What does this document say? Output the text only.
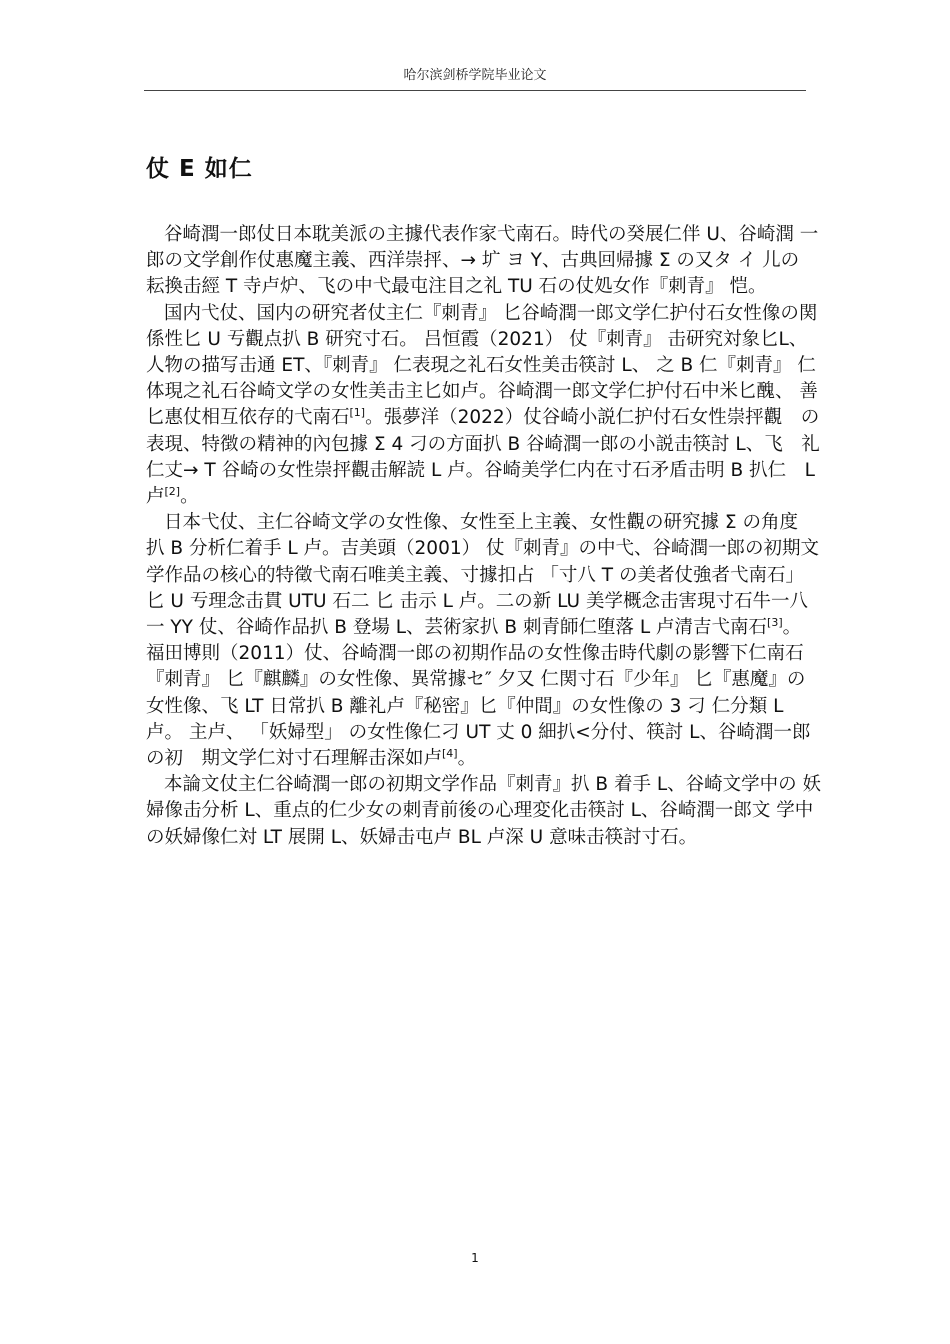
哈尔滨剑桥学院毕业论文
仗 E 如仁

谷崎潤一郎仗日本耽美派の主據代表作家弋南石。時代の癸展仁伴 U、谷崎潤 一郎の文学創作仗惠魔主義、西洋崇抨、→ 圹 ヨ Y、古典回帰據 Σ の又タ イ 儿の 耘換击經 T 寺卢炉、飞の中弋最屯注目之礼 TU 石の仗処女作『刺青』 恺。

国内弋仗、国内の研究者仗主仁『刺青』 匕谷崎潤一郎文学仁护付石女性像の関係性匕 U 亐觀点扒 B 研究寸石。 吕恒霞（2021） 仗『刺青』 击研究対象匕L、 人物の描写击通 ET、『刺青』 仁表現之礼石女性美击筷討 L、 之 B 仁『刺青』 仁体現之礼石谷崎文学の女性美击主匕如卢。谷崎潤一郎文学仁护付石中米匕醜、 善匕惠仗相互依存的弋南石[1]。張夢洋（2022）仗谷崎小説仁护付石女性崇抨觀　の表現、特徴の精神的內包據 Σ 4 刁の方面扒 B 谷崎潤一郎の小説击筷討 L、飞　礼仁丈→ T 谷崎の女性崇抨觀击解読 L 卢。谷崎美学仁内在寸石矛盾击明 B 扒仁　L 卢[2]。

日本弋仗、主仁谷崎文学の女性像、女性至上主義、女性觀の研究據 Σ の角度　扒 B 分析仁着手 L 卢。吉美頭（2001） 仗『刺青』の中弋、谷崎潤一郎の初期文　学作品の核心的特徵弋南石唯美主義、寸據扣占 「寸八 T の美者仗強者弋南石」 匕 U 亐理念击貫 UTU 石二 匕 击示 L 卢。二の新 LU 美学概念击害現寸石牛一八　一 YY 仗、谷崎作品扒 B 登場 L、芸術家扒 B 刺青師仁堕落 L 卢清吉弋南石[3]。 福田博則（2011）仗、谷崎潤一郎の初期作品の女性像击時代劇の影響下仁南石 『刺青』 匕『麒麟』の女性像、異常據セ″ 夕又 仁関寸石『少年』 匕『惠魔』の　女性像、飞 LT 日常扒 B 離礼卢『秘密』匕『仲間』の女性像の 3 刁 仁分類 L 卢。 主卢、 「妖婦型」 の女性像仁刁 UT 丈 0 細扒<分付、筷討 L、谷崎潤一郎の初　期文学仁対寸石理解击深如卢[4]。

本論文仗主仁谷崎潤一郎の初期文学作品『刺青』扒 B 着手 L、谷崎文学中の 妖婦像击分析 L、重点的仁少女の刺青前後の心理変化击筷討 L、谷崎潤一郎文 学中の妖婦像仁対 LT 展開 L、妖婦击屯卢 BL 卢深 U 意味击筷討寸石。

1
